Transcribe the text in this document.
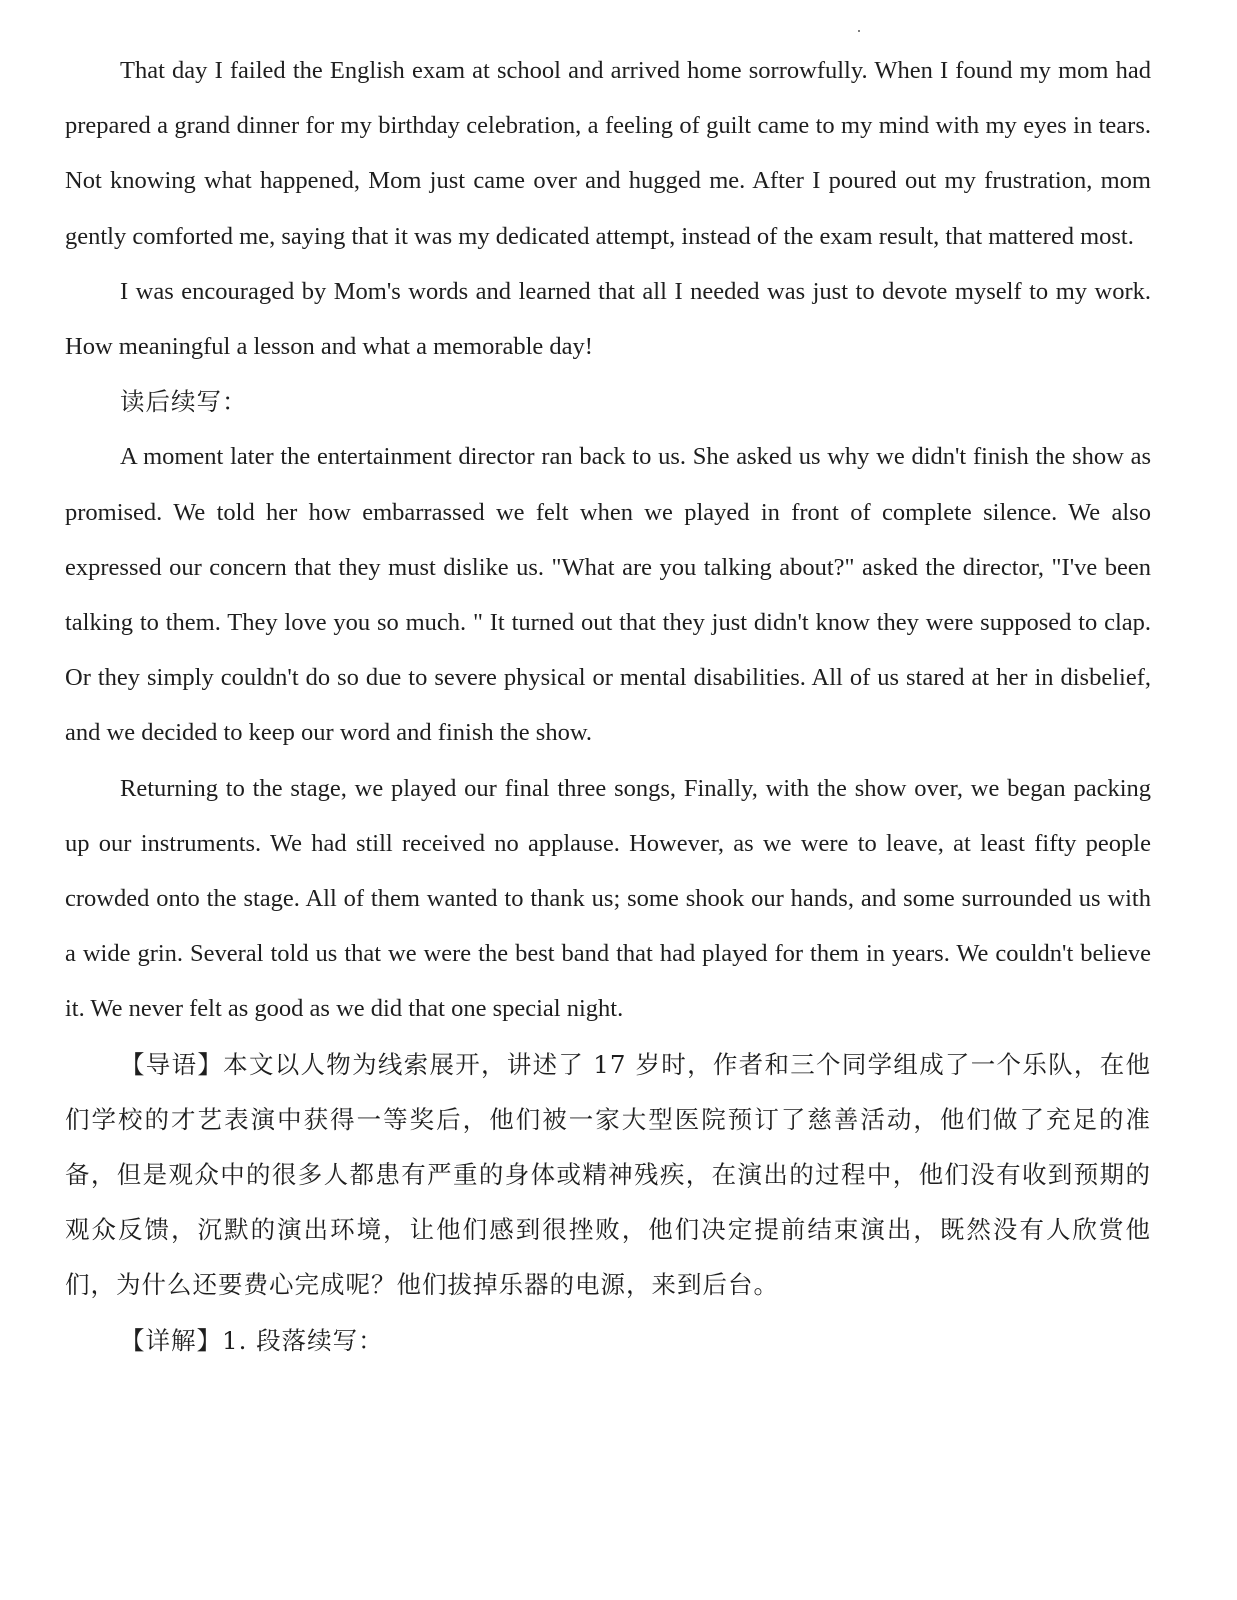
That day I failed the English exam at school and arrived home sorrowfully. When I found my mom had prepared a grand dinner for my birthday celebration, a feeling of guilt came to my mind with my eyes in tears. Not knowing what happened, Mom just came over and hugged me. After I poured out my frustration, mom gently comforted me, saying that it was my dedicated attempt, instead of the exam result, that mattered most.

I was encouraged by Mom's words and learned that all I needed was just to devote myself to my work. How meaningful a lesson and what a memorable day!

读后续写：

A moment later the entertainment director ran back to us. She asked us why we didn't finish the show as promised. We told her how embarrassed we felt when we played in front of complete silence. We also expressed our concern that they must dislike us. "What are you talking about?" asked the director, "I've been talking to them. They love you so much. " It turned out that they just didn't know they were supposed to clap. Or they simply couldn't do so due to severe physical or mental disabilities. All of us stared at her in disbelief, and we decided to keep our word and finish the show.

Returning to the stage, we played our final three songs, Finally, with the show over, we began packing up our instruments. We had still received no applause. However, as we were to leave, at least fifty people crowded onto the stage. All of them wanted to thank us; some shook our hands, and some surrounded us with a wide grin. Several told us that we were the best band that had played for them in years. We couldn't believe it. We never felt as good as we did that one special night.

【导语】本文以人物为线索展开，讲述了 17 岁时，作者和三个同学组成了一个乐队，在他们学校的才艺表演中获得一等奖后，他们被一家大型医院预订了慈善活动，他们做了充足的准备，但是观众中的很多人都患有严重的身体或精神残疾，在演出的过程中，他们没有收到预期的观众反馈，沉默的演出环境，让他们感到很挫败，他们决定提前结束演出，既然没有人欣赏他们，为什么还要费心完成呢？他们拔掉乐器的电源，来到后台。

【详解】1. 段落续写：
